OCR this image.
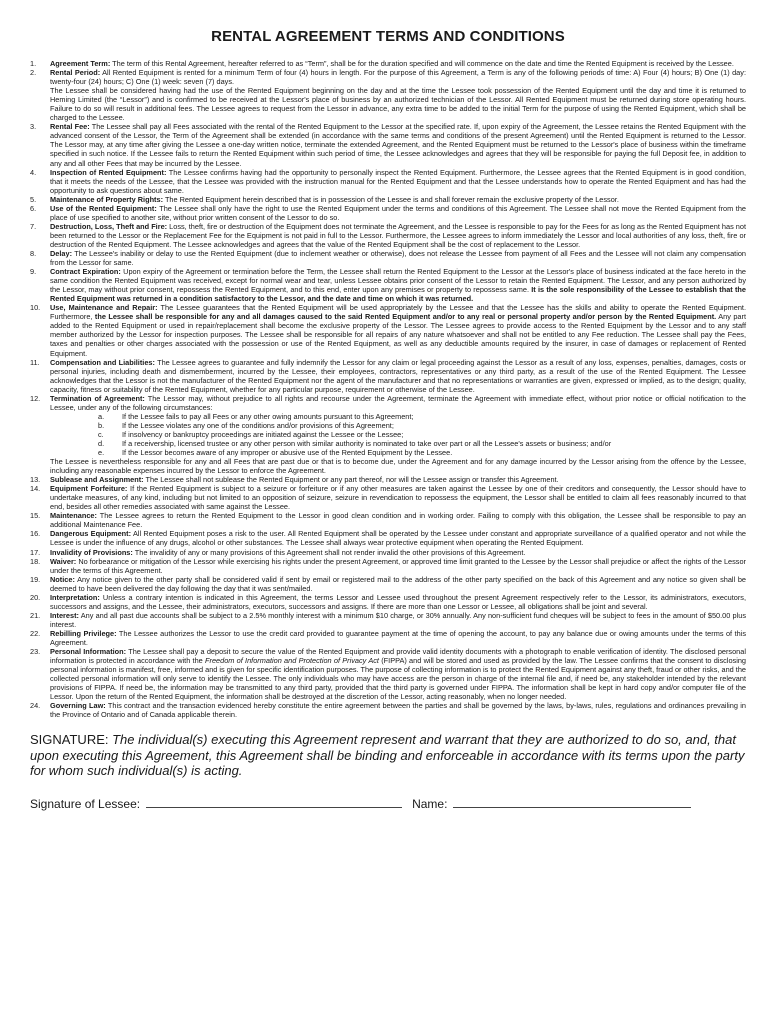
RENTAL AGREEMENT TERMS AND CONDITIONS
1.	Agreement Term: The term of this Rental Agreement, hereafter referred to as “Term”, shall be for the duration specified and will commence on the date and time the Rented Equipment is received by the Lessee.

2.	Rental Period: All Rented Equipment is rented for a minimum Term of four (4) hours in length. For the purpose of this Agreement, a Term is any of the following periods of time: A) Four (4) hours; B) One (1) day: twenty-four (24) hours; C) One (1) week: seven (7) days.

The Lessee shall be considered having had the use of the Rented Equipment beginning on the day and at the time the Lessee took possession of the Rented Equipment until the day and time it is returned to Heming Limited (the “Lessor”) and is confirmed to be received at the Lessor's place of business by an authorized technician of the Lessor. All Rented Equipment must be returned during store operating hours. Failure to do so will result in additional fees. The Lessee agrees to request from the Lessor in advance, any extra time to be added to the initial Term for the purpose of using the Rented Equipment, which shall be charged to the Lessee.

3.	Rental Fee: The Lessee shall pay all Fees associated with the rental of the Rented Equipment to the Lessor at the specified rate. If, upon expiry of the Agreement, the Lessee retains the Rented Equipment with the advanced consent of the Lessor, the Term of the Agreement shall be extended (in accordance with the same terms and conditions of the present Agreement) until the Rented Equipment is returned to the Lessor. The Lessor may, at any time after giving the Lessee a one-day written notice, terminate the extended Agreement, and the Rented Equipment must be returned to the Lessor's place of business within the timeframe specified in such notice. If the Lessee fails to return the Rented Equipment within such period of time, the Lessee acknowledges and agrees that they will be responsible for paying the full Deposit fee, in addition to any and all other Fees that may be incurred by the Lessee.

4.	Inspection of Rented Equipment: The Lessee confirms having had the opportunity to personally inspect the Rented Equipment. Furthermore, the Lessee agrees that the Rented Equipment is in good condition, that it meets the needs of the Lessee, that the Lessee was provided with the instruction manual for the Rented Equipment and that the Lessee understands how to operate the Rented Equipment and has had the opportunity to ask questions about same.

5.	Maintenance of Property Rights: The Rented Equipment herein described that is in possession of the Lessee is and shall forever remain the exclusive property of the Lessor.

6.	Use of the Rented Equipment: The Lessee shall only have the right to use the Rented Equipment under the terms and conditions of this Agreement. The Lessee shall not move the Rented Equipment from the place of use specified to another site, without prior written consent of the Lessor to do so.

7.	Destruction, Loss, Theft and Fire: Loss, theft, fire or destruction of the Equipment does not terminate the Agreement, and the Lessee is responsible to pay for the Fees for as long as the Rented Equipment has not been returned to the Lessor or the Replacement Fee for the Equipment is not paid in full to the Lessor. Furthermore, the Lessee agrees to inform immediately the Lessor and local authorities of any loss, theft, fire or destruction of the Rented Equipment. The Lessee acknowledges and agrees that the value of the Rented Equipment shall be the cost of replacement to the Lessor.

8.	Delay: The Lessee's inability or delay to use the Rented Equipment (due to inclement weather or otherwise), does not release the Lessee from payment of all Fees and the Lessee will not claim any compensation from the Lessor for same.

9.	Contract Expiration: Upon expiry of the Agreement or termination before the Term, the Lessee shall return the Rented Equipment to the Lessor at the Lessor's place of business indicated at the face hereto in the same condition the Rented Equipment was received, except for normal wear and tear, unless Lessee obtains prior consent of the Lessor to retain the Rented Equipment. The Lessor, and any person authorized by the Lessor, may without prior consent, repossess the Rented Equipment, and to this end, enter upon any premises or property to repossess same. It is the sole responsibility of the Lessee to establish that the Rented Equipment was returned in a condition satisfactory to the Lessor, and the date and time on which it was returned.

10.	Use, Maintenance and Repair: The Lessee guarantees that the Rented Equipment will be used appropriately by the Lessee and that the Lessee has the skills and ability to operate the Rented Equipment. Furthermore, the Lessee shall be responsible for any and all damages caused to the said Rented Equipment and/or to any real or personal property and/or person by the Rented Equipment. Any part added to the Rented Equipment or used in repair/replacement shall become the exclusive property of the Lessor. The Lessee agrees to provide access to the Rented Equipment by the Lessor and to any staff member authorized by the Lessor for inspection purposes. The Lessee shall be responsible for all repairs of any nature whatsoever and shall not be entitled to any Fee reduction. The Lessee shall pay the Fees, taxes and penalties or other charges associated with the possession or use of the Rented Equipment, as well as any deductible amounts required by the insurer, in case of damages or replacement of Rented Equipment.

11.	Compensation and Liabilities: The Lessee agrees to guarantee and fully indemnify the Lessor for any claim or legal proceeding against the Lessor as a result of any loss, expenses, penalties, damages, costs or personal injuries, including death and dismemberment, incurred by the Lessee, their employees, contractors, representatives or any third party, as a result of the use of the Rented Equipment. The Lessee acknowledges that the Lessor is not the manufacturer of the Rented Equipment nor the agent of the manufacturer and that no representations or warranties are given, expressed or implied, as to the design; quality, capacity, fitness or suitability of the Rented Equipment, whether for any particular purpose, requirement or otherwise of the Lessee.

12.	Termination of Agreement: The Lessor may, without prejudice to all rights and recourse under the Agreement, terminate the Agreement with immediate effect, without prior notice or official notification to the Lessee, under any of the following circumstances:

a.	If the Lessee fails to pay all Fees or any other owing amounts pursuant to this Agreement;
b.	If the Lessee violates any one of the conditions and/or provisions of this Agreement;
c.	If insolvency or bankruptcy proceedings are initiated against the Lessee or the Lessee;
d.	If a receivership, licensed trustee or any other person with similar authority is nominated to take over part or all the Lessee's assets or business; and/or
e.	If the Lessor becomes aware of any improper or abusive use of the Rented Equipment by the Lessee.
The Lessee is nevertheless responsible for any and all Fees that are past due or that is to become due, under the Agreement and for any damage incurred by the Lessor arising from the offence by the Lessee, including any reasonable expenses incurred by the Lessor to enforce the Agreement.
13.	Sublease and Assignment: The Lessee shall not sublease the Rented Equipment or any part thereof, nor will the Lessee assign or transfer this Agreement.

14.	Equipment Forfeiture: If the Rented Equipment is subject to a seizure or forfeiture or if any other measures are taken against the Lessee by one of their creditors and consequently, the Lessor should have to undertake measures, of any kind, including but not limited to an opposition of seizure, seizure in revendication to repossess the equipment, the Lessor shall be entitled to claim all fees reasonably incurred to that end, besides all other remedies associated with same against the Lessee.

15.	Maintenance: The Lessee agrees to return the Rented Equipment to the Lessor in good clean condition and in working order. Failing to comply with this obligation, the Lessee shall be responsible to pay an additional Maintenance Fee.

16.	Dangerous Equipment: All Rented Equipment poses a risk to the user. All Rented Equipment shall be operated by the Lessee under constant and appropriate surveillance of a qualified operator and not while the Lessee is under the influence of any drugs, alcohol or other substances. The Lessee shall always wear protective equipment when operating the Rented Equipment.

17.	Invalidity of Provisions: The invalidity of any or many provisions of this Agreement shall not render invalid the other provisions of this Agreement.

18.	Waiver: No forbearance or mitigation of the Lessor while exercising his rights under the present Agreement, or approved time limit granted to the Lessee by the Lessor shall prejudice or affect the rights of the Lessor under the terms of this Agreement.

19.	Notice: Any notice given to the other party shall be considered valid if sent by email or registered mail to the address of the other party specified on the back of this Agreement and any notice so given shall be deemed to have been delivered the day following the day that it was sent/mailed.

20.	Interpretation: Unless a contrary intention is indicated in this Agreement, the terms Lessor and Lessee used throughout the present Agreement respectively refer to the Lessor, its administrators, executors, successors and assigns, and the Lessee, their administrators, executors, successors and assigns. If there are more than one Lessor or Lessee, all obligations shall be joint and several.

21.	Interest: Any and all past due accounts shall be subject to a 2.5% monthly interest with a minimum $10 charge, or 30% annually. Any non-sufficient fund cheques will be subject to fees in the amount of $50.00 plus interest.

22.	Rebilling Privilege: The Lessee authorizes the Lessor to use the credit card provided to guarantee payment at the time of opening the account, to pay any balance due or owing amounts under the terms of this Agreement.

23.	Personal Information: The Lessee shall pay a deposit to secure the value of the Rented Equipment and provide valid identity documents with a photograph to enable verification of identity. The disclosed personal information is protected in accordance with the Freedom of Information and Protection of Privacy Act (FIPPA) and will be stored and used as provided by the law. The Lessee confirms that the consent to disclosing personal information is manifest, free, informed and is given for specific identification purposes. The purpose of collecting information is to protect the Rented Equipment against any theft, fraud or other risks, and the collected personal information will only serve to identify the Lessee. The only individuals who may have access are the person in charge of the internal file and, if need be, any stakeholder intended by the relevant provisions of FIPPA. If need be, the information may be transmitted to any third party, provided that the third party is governed under FIPPA. The information shall be kept in hard copy and/or computer file of the Lessor. Upon the return of the Rented Equipment, the information shall be destroyed at the discretion of the Lessor, acting reasonably, when no longer needed.

24.	Governing Law: This contract and the transaction evidenced hereby constitute the entire agreement between the parties and shall be governed by the laws, by-laws, rules, regulations and ordinances prevailing in the Province of Ontario and of Canada applicable therein.

SIGNATURE: The individual(s) executing this Agreement represent and warrant that they are authorized to do so, and, that upon executing this Agreement, this Agreement shall be binding and enforceable in accordance with its terms upon the party for whom such individual(s) is acting.
Signature of Lessee:	Name:
